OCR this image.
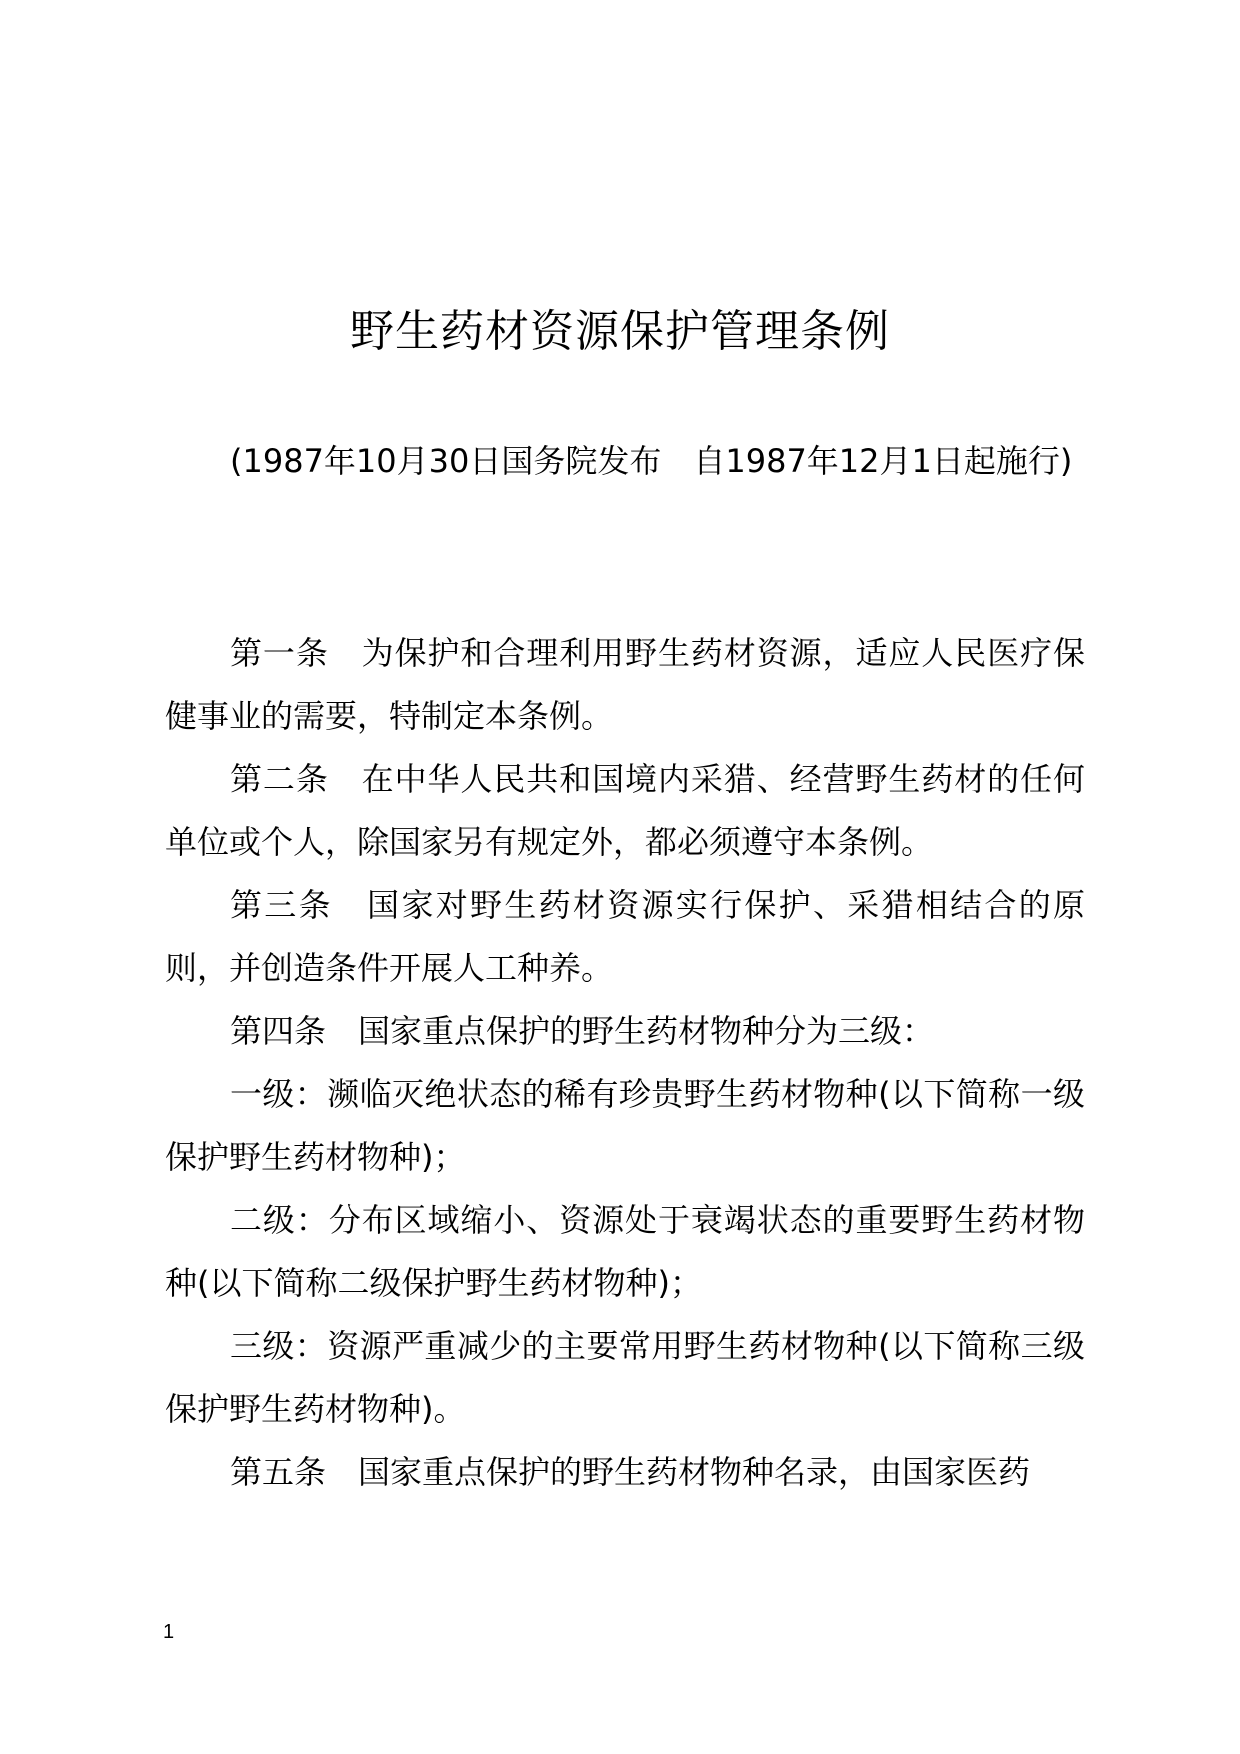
野生药材资源保护管理条例

(1987年10月30日国务院发布　自1987年12月1日起施行)

第一条　为保护和合理利用野生药材资源，适应人民医疗保健事业的需要，特制定本条例。

第二条　在中华人民共和国境内采猎、经营野生药材的任何单位或个人，除国家另有规定外，都必须遵守本条例。

第三条　国家对野生药材资源实行保护、采猎相结合的原则，并创造条件开展人工种养。

第四条　国家重点保护的野生药材物种分为三级：

一级：濒临灭绝状态的稀有珍贵野生药材物种(以下简称一级保护野生药材物种)；

二级：分布区域缩小、资源处于衰竭状态的重要野生药材物种(以下简称二级保护野生药材物种)；

三级：资源严重减少的主要常用野生药材物种(以下简称三级保护野生药材物种)。

第五条　国家重点保护的野生药材物种名录，由国家医药

1
